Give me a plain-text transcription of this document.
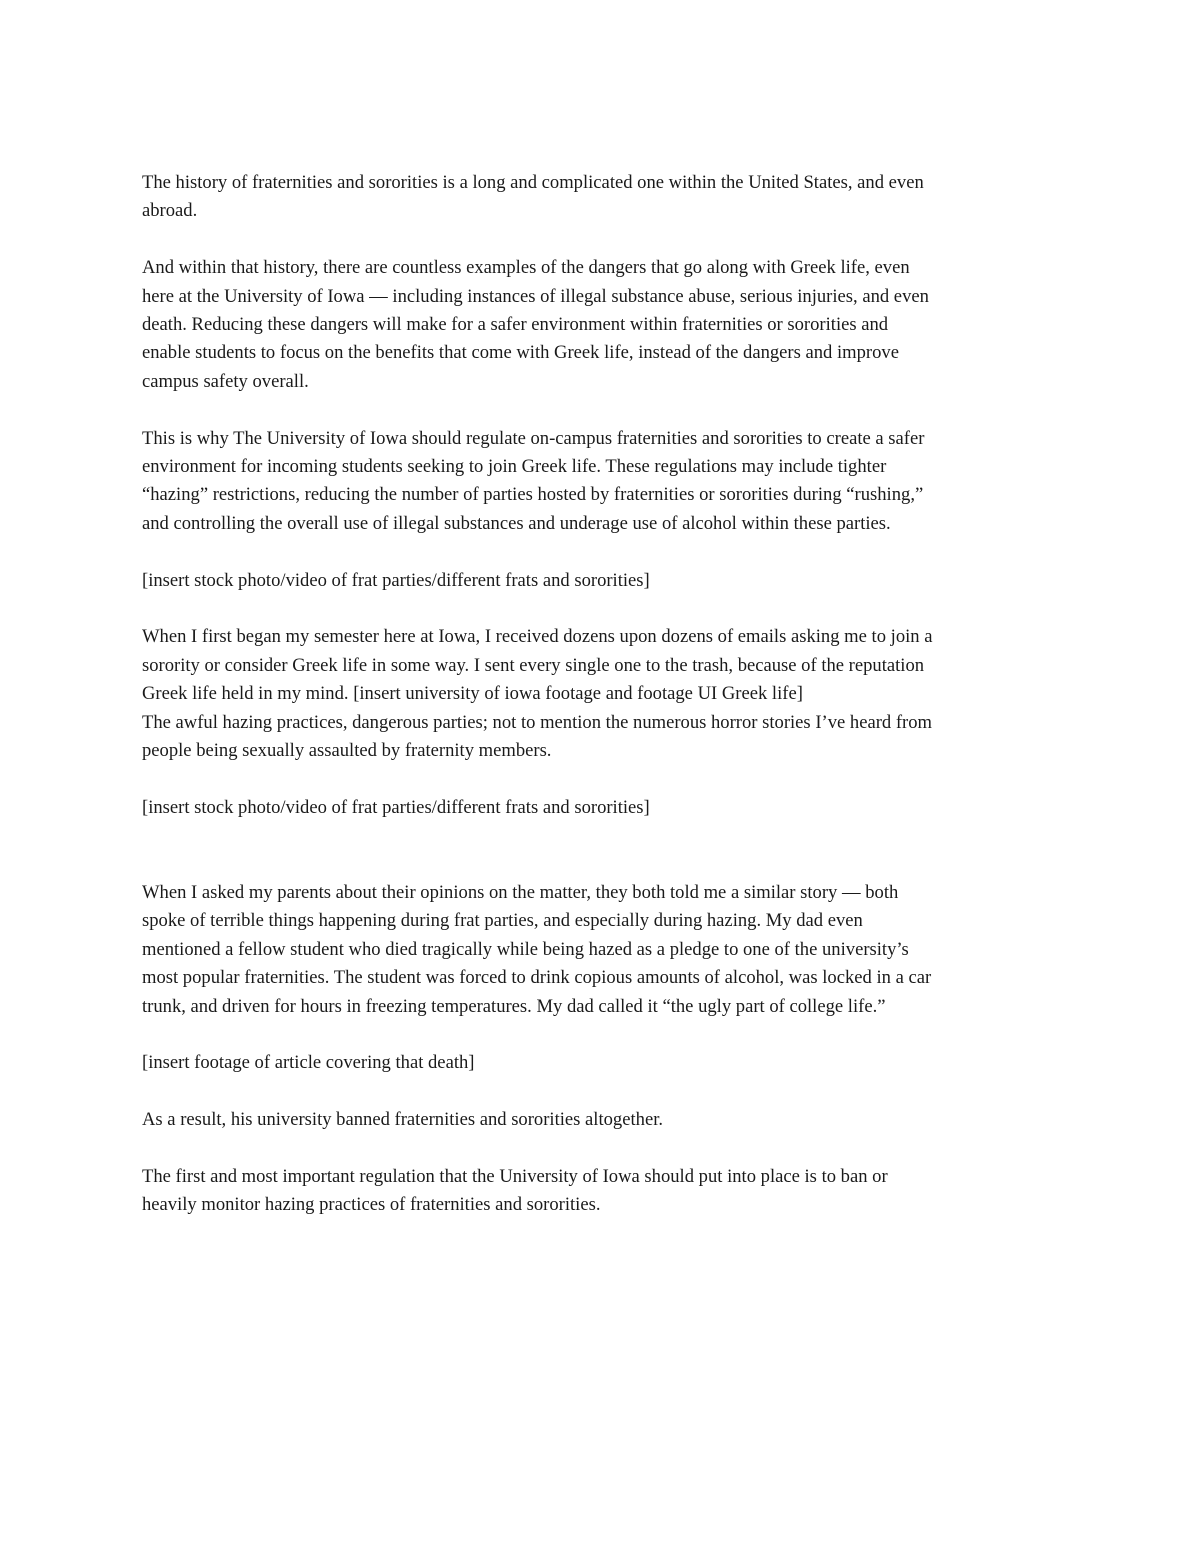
The history of fraternities and sororities is a long and complicated one within the United States, and even
abroad.

And within that history, there are countless examples of the dangers that go along with Greek life, even
here at the University of Iowa — including instances of illegal substance abuse, serious injuries, and even
death. Reducing these dangers will make for a safer environment within fraternities or sororities and
enable students to focus on the benefits that come with Greek life, instead of the dangers and improve
campus safety overall.

This is why The University of Iowa should regulate on-campus fraternities and sororities to create a safer
environment for incoming students seeking to join Greek life. These regulations may include tighter
“hazing” restrictions, reducing the number of parties hosted by fraternities or sororities during “rushing,”
and controlling the overall use of illegal substances and underage use of alcohol within these parties.

[insert stock photo/video of frat parties/different frats and sororities]

When I first began my semester here at Iowa, I received dozens upon dozens of emails asking me to join a
sorority or consider Greek life in some way. I sent every single one to the trash, because of the reputation
Greek life held in my mind. [insert university of iowa footage and footage UI Greek life]
The awful hazing practices, dangerous parties; not to mention the numerous horror stories I’ve heard from
people being sexually assaulted by fraternity members.

[insert stock photo/video of frat parties/different frats and sororities]

When I asked my parents about their opinions on the matter, they both told me a similar story — both
spoke of terrible things happening during frat parties, and especially during hazing. My dad even
mentioned a fellow student who died tragically while being hazed as a pledge to one of the university’s
most popular fraternities. The student was forced to drink copious amounts of alcohol, was locked in a car
trunk, and driven for hours in freezing temperatures. My dad called it “the ugly part of college life.”

[insert footage of article covering that death]

As a result, his university banned fraternities and sororities altogether.

The first and most important regulation that the University of Iowa should put into place is to ban or
heavily monitor hazing practices of fraternities and sororities.
